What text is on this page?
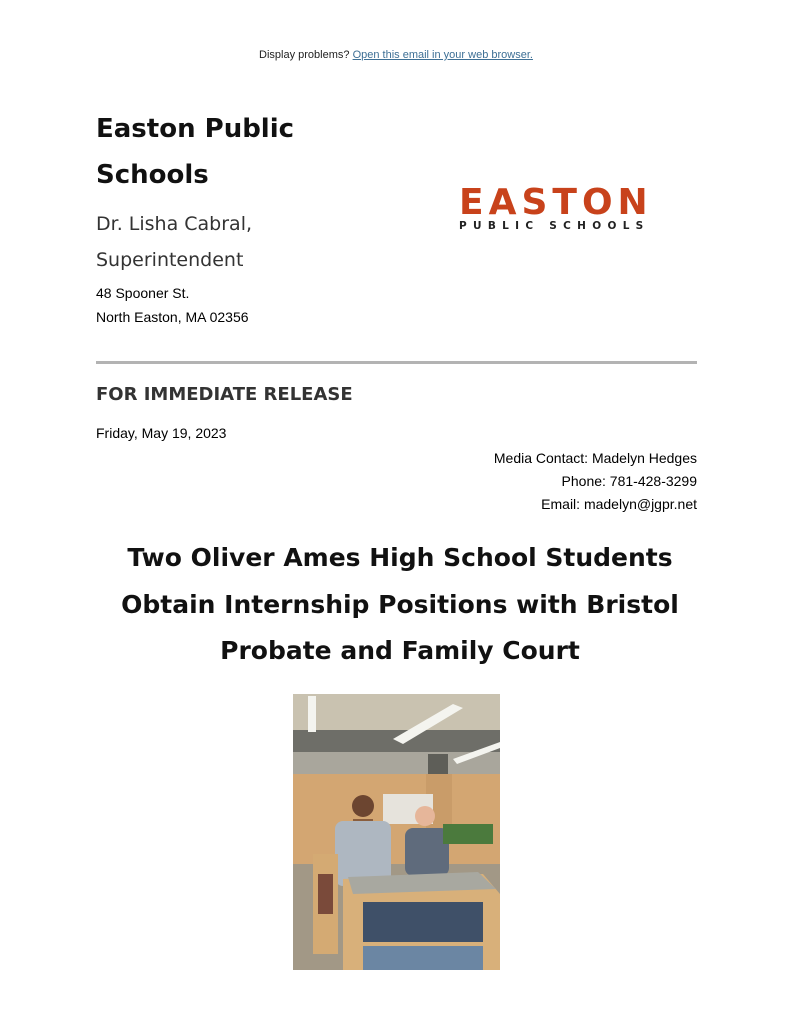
Display problems? Open this email in your web browser.
Easton Public Schools
Dr. Lisha Cabral, Superintendent
48 Spooner St.
North Easton, MA 02356
EASTON
PUBLIC SCHOOLS
FOR IMMEDIATE RELEASE
Friday, May 19, 2023
Media Contact: Madelyn Hedges
Phone: 781-428-3299
Email: madelyn@jgpr.net
Two Oliver Ames High School Students Obtain Internship Positions with Bristol Probate and Family Court
